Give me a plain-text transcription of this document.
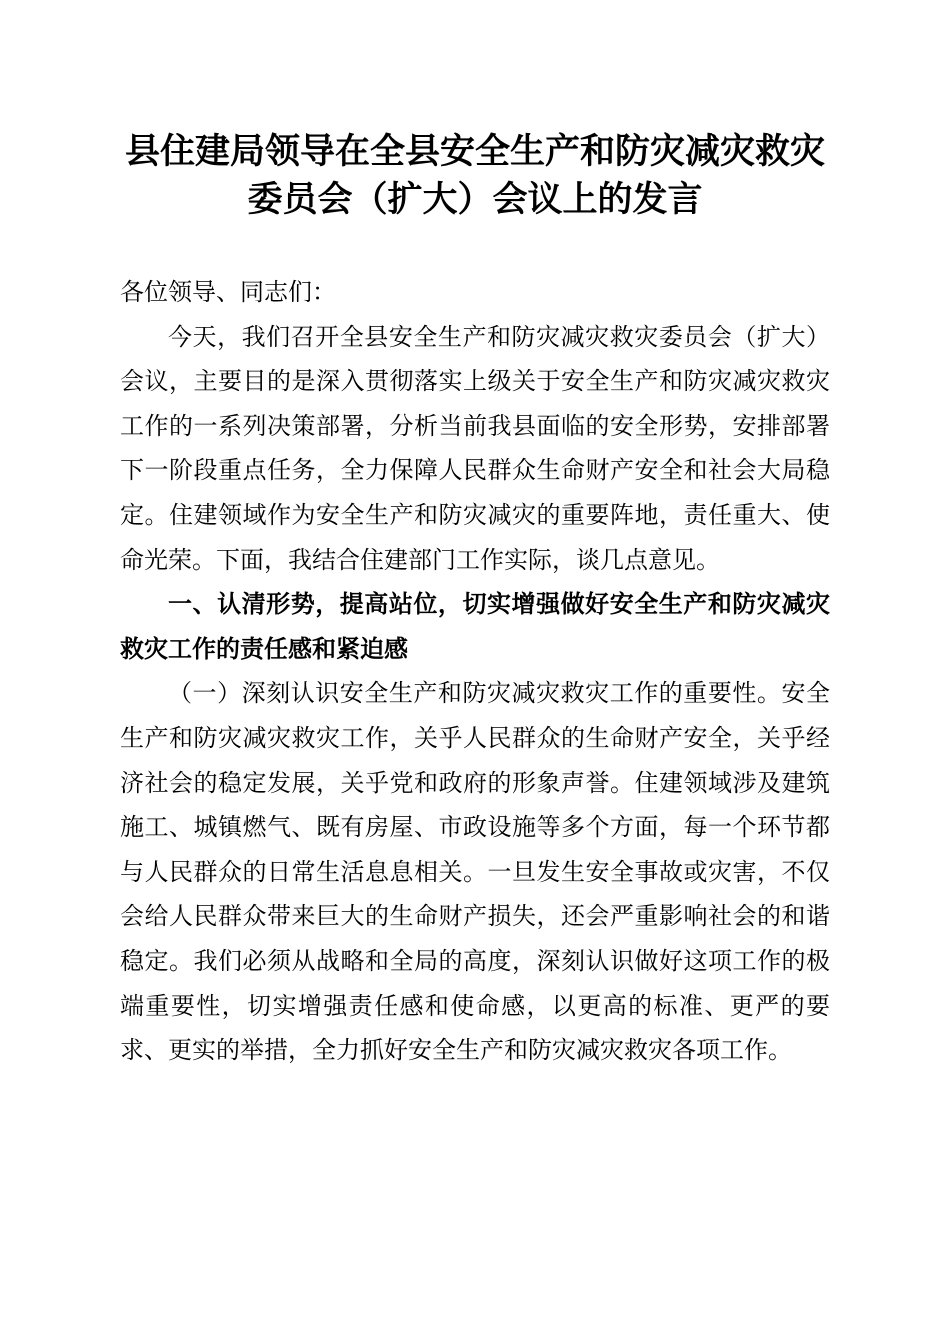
县住建局领导在全县安全生产和防灾减灾救灾
委员会（扩大）会议上的发言

各位领导、同志们：

今天，我们召开全县安全生产和防灾减灾救灾委员会（扩大）会议，主要目的是深入贯彻落实上级关于安全生产和防灾减灾救灾工作的一系列决策部署，分析当前我县面临的安全形势，安排部署下一阶段重点任务，全力保障人民群众生命财产安全和社会大局稳定。住建领域作为安全生产和防灾减灾的重要阵地，责任重大、使命光荣。下面，我结合住建部门工作实际，谈几点意见。

一、认清形势，提高站位，切实增强做好安全生产和防灾减灾救灾工作的责任感和紧迫感

（一）深刻认识安全生产和防灾减灾救灾工作的重要性。安全生产和防灾减灾救灾工作，关乎人民群众的生命财产安全，关乎经济社会的稳定发展，关乎党和政府的形象声誉。住建领域涉及建筑施工、城镇燃气、既有房屋、市政设施等多个方面，每一个环节都与人民群众的日常生活息息相关。一旦发生安全事故或灾害，不仅会给人民群众带来巨大的生命财产损失，还会严重影响社会的和谐稳定。我们必须从战略和全局的高度，深刻认识做好这项工作的极端重要性，切实增强责任感和使命感，以更高的标准、更严的要求、更实的举措，全力抓好安全生产和防灾减灾救灾各项工作。
